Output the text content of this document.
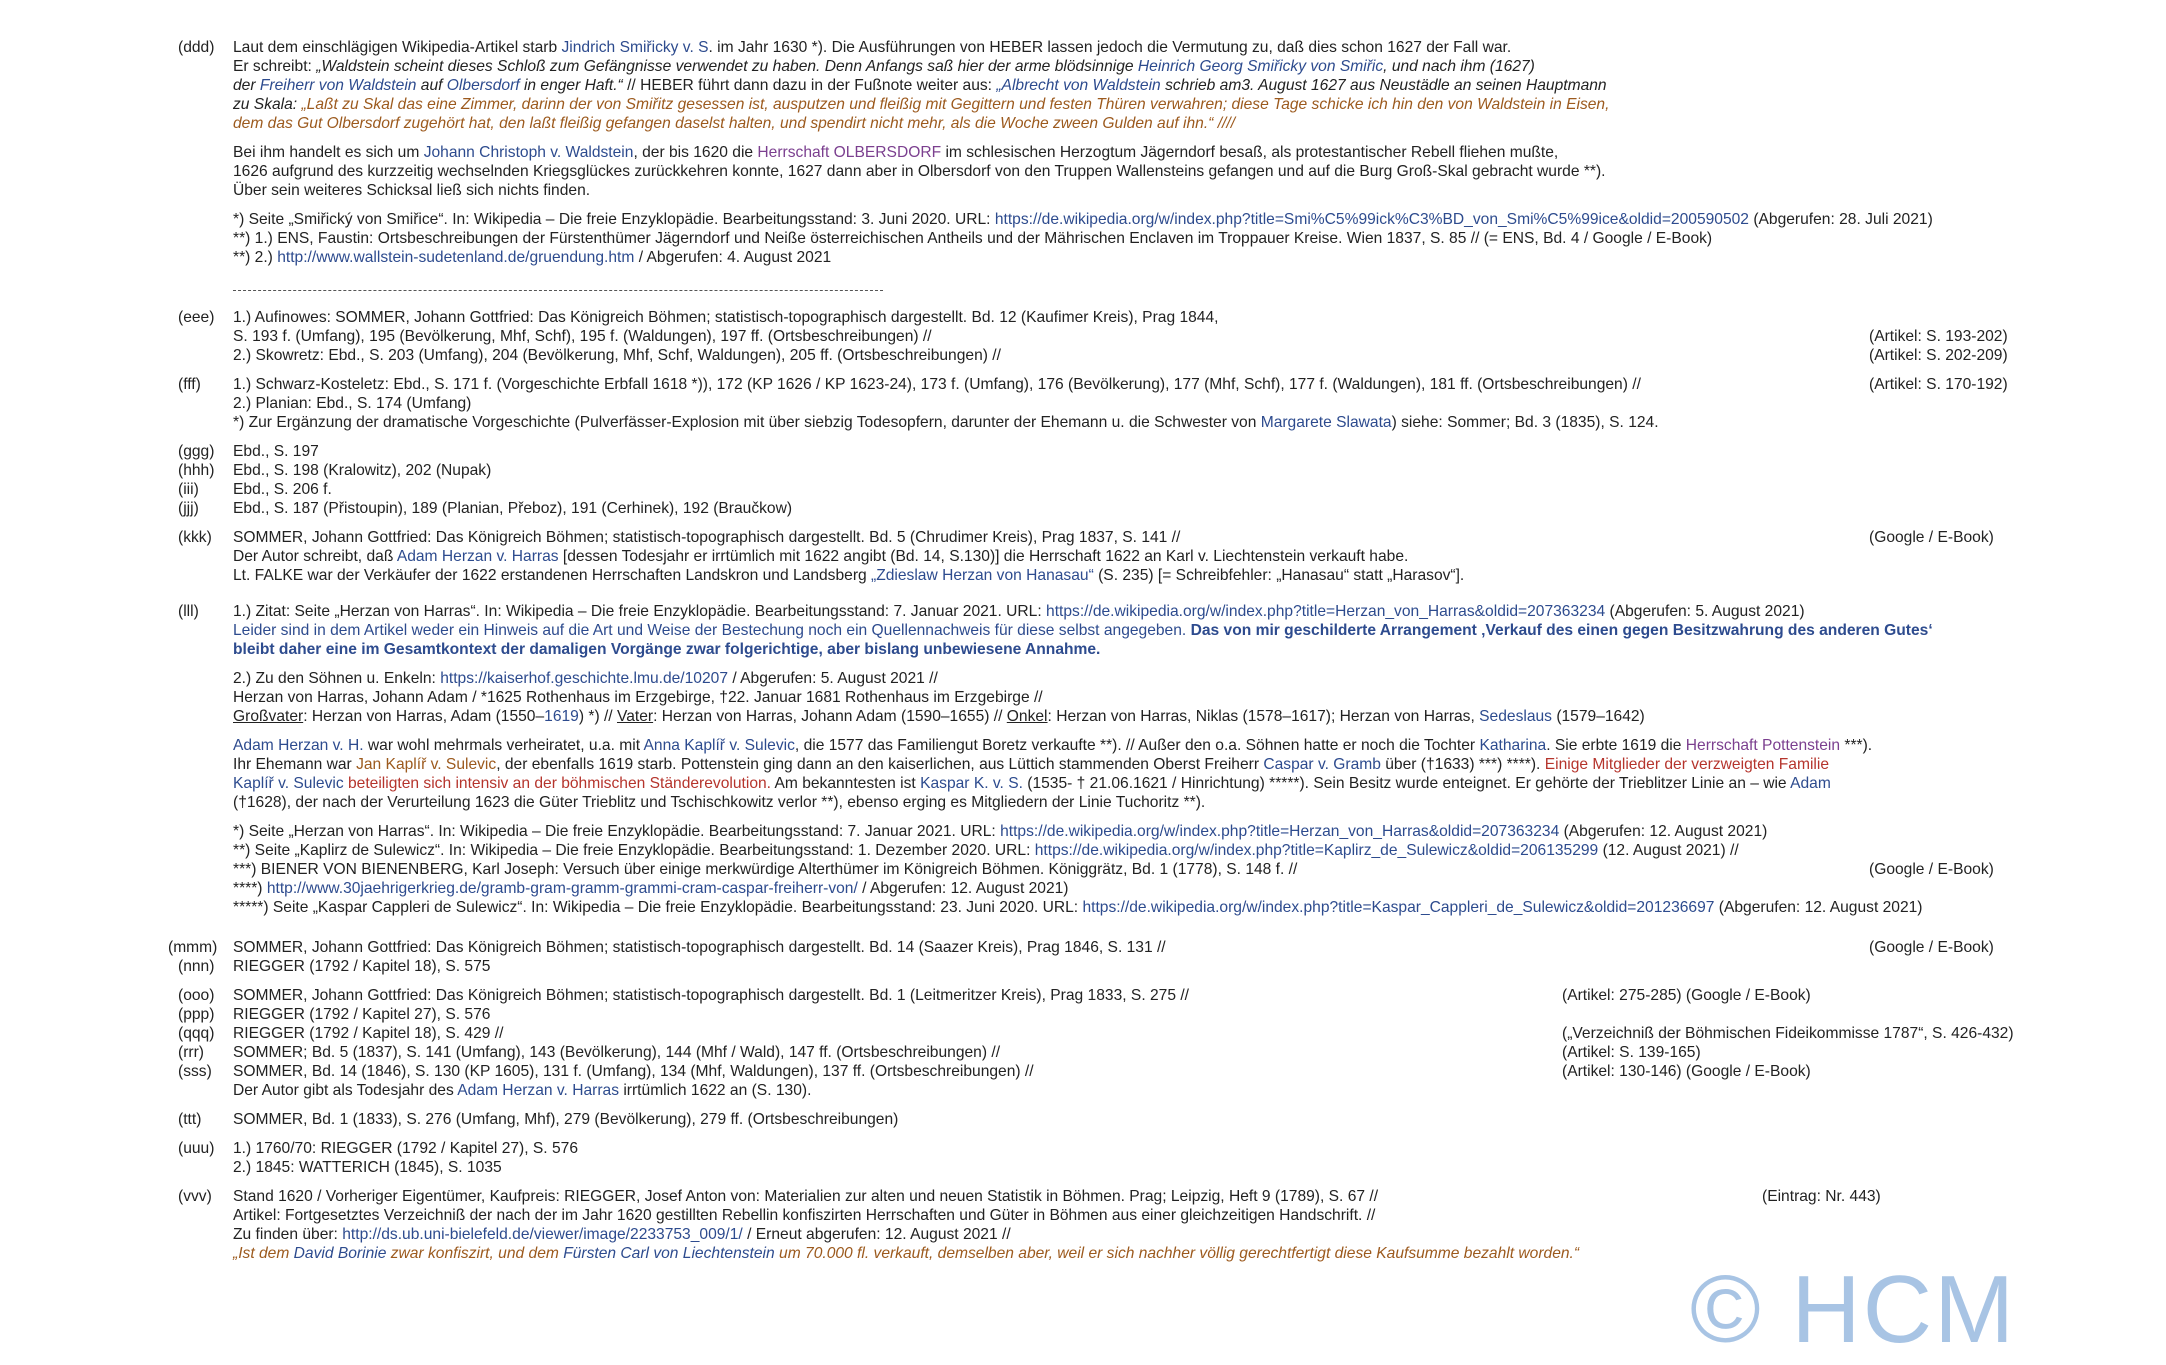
(ddd)	Laut dem einschlägigen Wikipedia-Artikel starb Jindrich Smiřicky v. S. im Jahr 1630 *). Die Ausführungen von HEBER lassen jedoch die Vermutung zu, daß dies schon 1627 der Fall war.
Er schreibt: „Waldstein scheint dieses Schloß zum Gefängnisse verwendet zu haben. Denn Anfangs saß hier der arme blödsinnige Heinrich Georg Smiřicky von Smiřic, und nach ihm (1627)
der Freiherr von Waldstein auf Olbersdorf in enger Haft.“ // HEBER führt dann dazu in der Fußnote weiter aus: „Albrecht von Waldstein schrieb am3. August 1627 aus Neustädle an seinen Hauptmann
zu Skala: „Laßt zu Skal das eine Zimmer, darinn der von Smiřitz gesessen ist, ausputzen und fleißig mit Gegittern und festen Thüren verwahren; diese Tage schicke ich hin den von Waldstein in Eisen,
dem das Gut Olbersdorf zugehört hat, den laßt fleißig gefangen daselst halten, und spendirt nicht mehr, als die Woche zween Gulden auf ihn.“ ////
Bei ihm handelt es sich um Johann Christoph v. Waldstein, der bis 1620 die Herrschaft OLBERSDORF im schlesischen Herzogtum Jägerndorf besaß, als protestantischer Rebell fliehen mußte,
1626 aufgrund des kurzzeitig wechselnden Kriegsglückes zurückkehren konnte, 1627 dann aber in Olbersdorf von den Truppen Wallensteins gefangen und auf die Burg Groß-Skal gebracht wurde **).
Über sein weiteres Schicksal ließ sich nichts finden.
*) Seite „Smiřický von Smiřice“. In: Wikipedia – Die freie Enzyklopädie. Bearbeitungsstand: 3. Juni 2020. URL: https://de.wikipedia.org/w/index.php?title=Smi%C5%99ick%C3%BD_von_Smi%C5%99ice&oldid=200590502 (Abgerufen: 28. Juli 2021)
**) 1.) ENS, Faustin: Ortsbeschreibungen der Fürstenthümer Jägerndorf und Neiße österreichischen Antheils und der Mährischen Enclaven im Troppauer Kreise. Wien 1837, S. 85 // (= ENS, Bd. 4 / Google / E-Book)
**) 2.) http://www.wallstein-sudetenland.de/gruendung.htm / Abgerufen: 4. August 2021
(eee)	1.) Aufinowes: SOMMER, Johann Gottfried: Das Königreich Böhmen; statistisch-topographisch dargestellt. Bd. 12 (Kaufimer Kreis), Prag 1844,
S. 193 f. (Umfang), 195 (Bevölkerung, Mhf, Schf), 195 f. (Waldungen), 197 ff. (Ortsbeschreibungen) //	(Artikel: S. 193-202)
2.) Skowretz: Ebd., S. 203 (Umfang), 204 (Bevölkerung, Mhf, Schf, Waldungen), 205 ff. (Ortsbeschreibungen) //	(Artikel: S. 202-209)
(fff)	1.) Schwarz-Kosteletz: Ebd., S. 171 f. (Vorgeschichte Erbfall 1618 *)), 172 (KP 1626 / KP 1623-24), 173 f. (Umfang), 176 (Bevölkerung), 177 (Mhf, Schf), 177 f. (Waldungen), 181 ff. (Ortsbeschreibungen) //	(Artikel: S. 170-192)
2.) Planian: Ebd., S. 174 (Umfang)
*) Zur Ergänzung der dramatische Vorgeschichte (Pulverfässer-Explosion mit über siebzig Todesopfern, darunter der Ehemann u. die Schwester von Margarete Slawata) siehe: Sommer; Bd. 3 (1835), S. 124.
(ggg)	Ebd., S. 197
(hhh)	Ebd., S. 198 (Kralowitz), 202 (Nupak)
(iii)	Ebd., S. 206 f.
(jjj)	Ebd., S. 187 (Přistoupin), 189 (Planian, Přeboz), 191 (Cerhinek), 192 (Braučkow)
(kkk)	SOMMER, Johann Gottfried: Das Königreich Böhmen; statistisch-topographisch dargestellt. Bd. 5 (Chrudimer Kreis), Prag 1837, S. 141 //	(Google / E-Book)
Der Autor schreibt, daß Adam Herzan v. Harras [dessen Todesjahr er irrtümlich mit 1622 angibt (Bd. 14, S.130)] die Herrschaft 1622 an Karl v. Liechtenstein verkauft habe.
Lt. FALKE war der Verkäufer der 1622 erstandenen Herrschaften Landskron und Landsberg „Zdieslaw Herzan von Hanasau“ (S. 235) [= Schreibfehler: „Hanasau“ statt „Harasov“].
(lll)	1.) Zitat: Seite „Herzan von Harras“. In: Wikipedia – Die freie Enzyklopädie. Bearbeitungsstand: 7. Januar 2021. URL: https://de.wikipedia.org/w/index.php?title=Herzan_von_Harras&oldid=207363234 (Abgerufen: 5. August 2021)
Leider sind in dem Artikel weder ein Hinweis auf die Art und Weise der Bestechung noch ein Quellennachweis für diese selbst angegeben. Das von mir geschilderte Arrangement ‚Verkauf des einen gegen Besitzwahrung des anderen Gutes‘
bleibt daher eine im Gesamtkontext der damaligen Vorgänge zwar folgerichtige, aber bislang unbewiesene Annahme.
2.) Zu den Söhnen u. Enkeln: https://kaiserhof.geschichte.lmu.de/10207 / Abgerufen: 5. August 2021 //
Herzan von Harras, Johann Adam / *1625 Rothenhaus im Erzgebirge, †22. Januar 1681 Rothenhaus im Erzgebirge //
Großvater: Herzan von Harras, Adam (1550–1619) *) // Vater: Herzan von Harras, Johann Adam (1590–1655) // Onkel: Herzan von Harras, Niklas (1578–1617); Herzan von Harras, Sedeslaus (1579–1642)
Adam Herzan v. H. war wohl mehrmals verheiratet, u.a. mit Anna Kaplíř v. Sulevic, die 1577 das Familiengut Boretz verkaufte **). // Außer den o.a. Söhnen hatte er noch die Tochter Katharina. Sie erbte 1619 die Herrschaft Pottenstein ***).
Ihr Ehemann war Jan Kaplíř v. Sulevic, der ebenfalls 1619 starb. Pottenstein ging dann an den kaiserlichen, aus Lüttich stammenden Oberst Freiherr Caspar v. Gramb über (†1633) ***) ****). Einige Mitglieder der verzweigten Familie
Kaplíř v. Sulevic beteiligten sich intensiv an der böhmischen Ständerevolution. Am bekanntesten ist Kaspar K. v. S. (1535- † 21.06.1621 / Hinrichtung) *****). Sein Besitz wurde enteignet. Er gehörte der Trieblitzer Linie an – wie Adam
(†1628), der nach der Verurteilung 1623 die Güter Trieblitz und Tschischkowitz verlor **), ebenso erging es Mitgliedern der Linie Tuchoritz **).
*) Seite „Herzan von Harras“. In: Wikipedia – Die freie Enzyklopädie. Bearbeitungsstand: 7. Januar 2021. URL: https://de.wikipedia.org/w/index.php?title=Herzan_von_Harras&oldid=207363234 (Abgerufen: 12. August 2021)
**) Seite „Kaplirz de Sulewicz“. In: Wikipedia – Die freie Enzyklopädie. Bearbeitungsstand: 1. Dezember 2020. URL: https://de.wikipedia.org/w/index.php?title=Kaplirz_de_Sulewicz&oldid=206135299 (12. August 2021) //
***) BIENER VON BIENENBERG, Karl Joseph: Versuch über einige merkwürdige Alterthümer im Königreich Böhmen. Königgrätz, Bd. 1 (1778), S. 148 f. //	(Google / E-Book)
****) http://www.30jaehrigerkrieg.de/gramb-gram-gramm-grammi-cram-caspar-freiherr-von/ / Abgerufen: 12. August 2021)
*****) Seite „Kaspar Cappleri de Sulewicz“. In: Wikipedia – Die freie Enzyklopädie. Bearbeitungsstand: 23. Juni 2020. URL: https://de.wikipedia.org/w/index.php?title=Kaspar_Cappleri_de_Sulewicz&oldid=201236697 (Abgerufen: 12. August 2021)
(mmm) SOMMER, Johann Gottfried: Das Königreich Böhmen; statistisch-topographisch dargestellt. Bd. 14 (Saazer Kreis), Prag 1846, S. 131 //	(Google / E-Book)
(nnn)	RIEGGER (1792 / Kapitel 18), S. 575
(ooo)	SOMMER, Johann Gottfried: Das Königreich Böhmen; statistisch-topographisch dargestellt. Bd. 1 (Leitmeritzer Kreis), Prag 1833, S. 275 //	(Artikel: 275-285) (Google / E-Book)
(ppp)	RIEGGER (1792 / Kapitel 27), S. 576
(qqq)	RIEGGER (1792 / Kapitel 18), S. 429 //	(„Verzeichniß der Böhmischen Fideikommisse 1787“, S. 426-432)
(rrr)	SOMMER; Bd. 5 (1837), S. 141 (Umfang), 143 (Bevölkerung), 144 (Mhf / Wald), 147 ff. (Ortsbeschreibungen) //	(Artikel: S. 139-165)
(sss)	SOMMER, Bd. 14 (1846), S. 130 (KP 1605), 131 f. (Umfang), 134 (Mhf, Waldungen), 137 ff. (Ortsbeschreibungen) //	(Artikel: 130-146) (Google / E-Book)
Der Autor gibt als Todesjahr des Adam Herzan v. Harras irrtümlich 1622 an (S. 130).
(ttt)	SOMMER, Bd. 1 (1833), S. 276 (Umfang, Mhf), 279 (Bevölkerung), 279 ff. (Ortsbeschreibungen)
(uuu)	1.) 1760/70: RIEGGER (1792 / Kapitel 27), S. 576
2.) 1845: WATTERICH (1845), S. 1035
(vvv)	Stand 1620 / Vorheriger Eigentümer, Kaufpreis: RIEGGER, Josef Anton von: Materialien zur alten und neuen Statistik in Böhmen. Prag; Leipzig, Heft 9 (1789), S. 67 //	(Eintrag: Nr. 443)
Artikel: Fortgesetztes Verzeichniß der nach der im Jahr 1620 gestillten Rebellin konfiszirten Herrschaften und Güter in Böhmen aus einer gleichzeitigen Handschrift. //
Zu finden über: http://ds.ub.uni-bielefeld.de/viewer/image/2233753_009/1/ / Erneut abgerufen: 12. August 2021 //
„Ist dem David Borinie zwar konfiszirt, und dem Fürsten Carl von Liechtenstein um 70.000 fl. verkauft, demselben aber, weil er sich nachher völlig gerechtfertigt diese Kaufsumme bezahlt worden.“
© HCM
